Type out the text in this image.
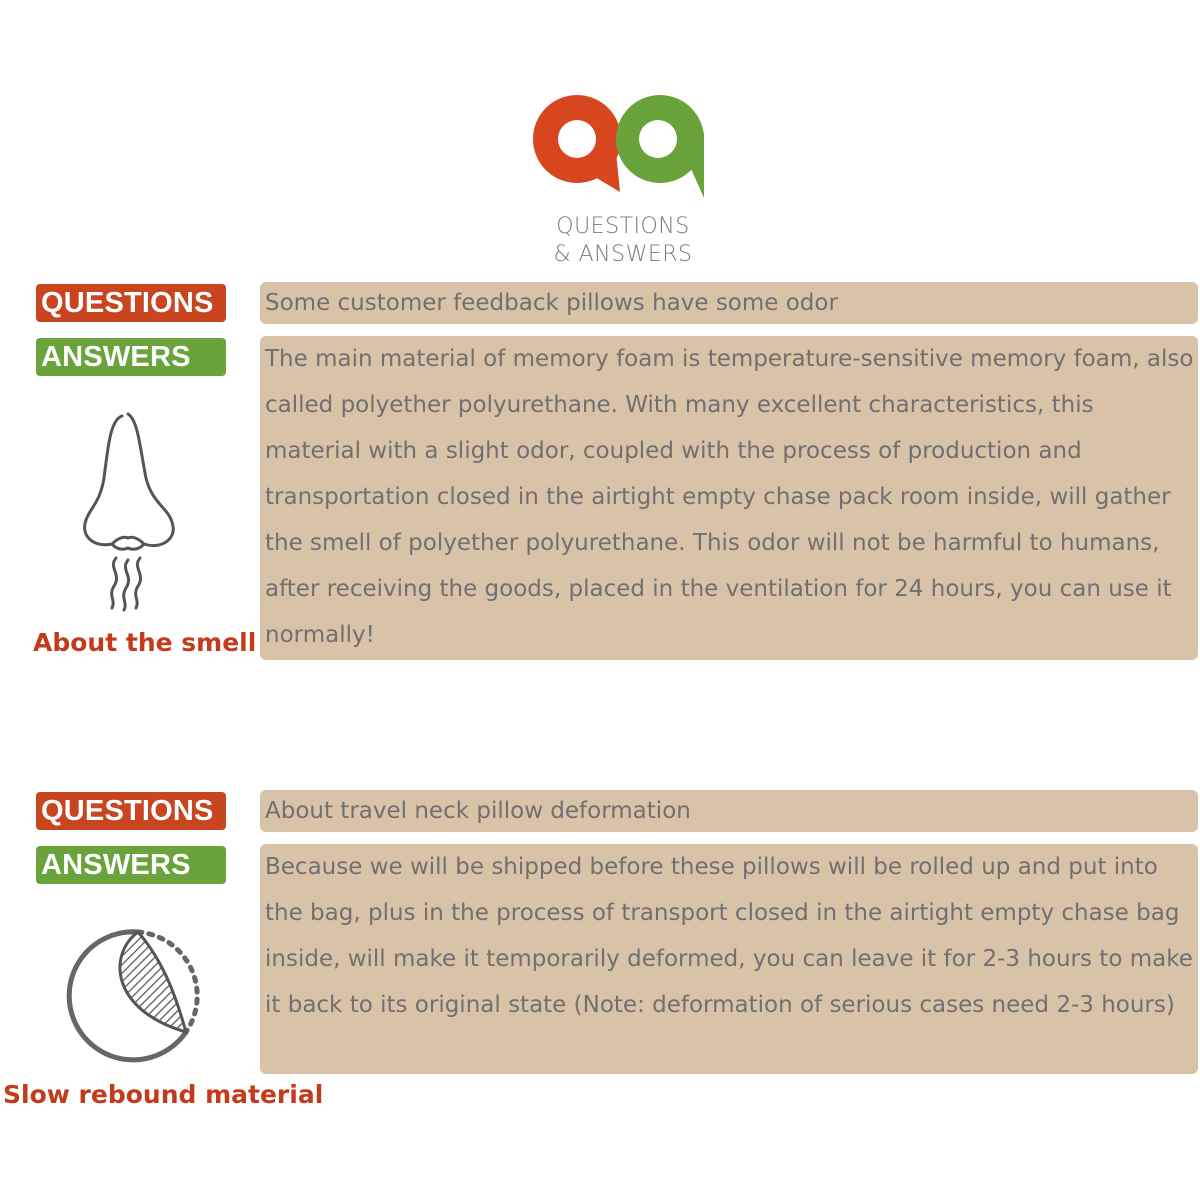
QUESTIONS
& ANSWERS
QUESTIONS	Some customer feedback pillows have some odor
ANSWERS	The main material of memory foam is temperature-sensitive memory foam, also called polyether polyurethane. With many excellent characteristics, this material with a slight odor, coupled with the process of production and transportation closed in the airtight empty chase pack room inside, will gather the smell of polyether polyurethane. This odor will not be harmful to humans, after receiving the goods, placed in the ventilation for 24 hours, you can use it normally!
About the smell
QUESTIONS	About travel neck pillow deformation
ANSWERS	Because we will be shipped before these pillows will be rolled up and put into the bag, plus in the process of transport closed in the airtight empty chase bag inside, will make it temporarily deformed, you can leave it for 2-3 hours to make it back to its original state (Note: deformation of serious cases need 2-3 hours)
Slow rebound material
